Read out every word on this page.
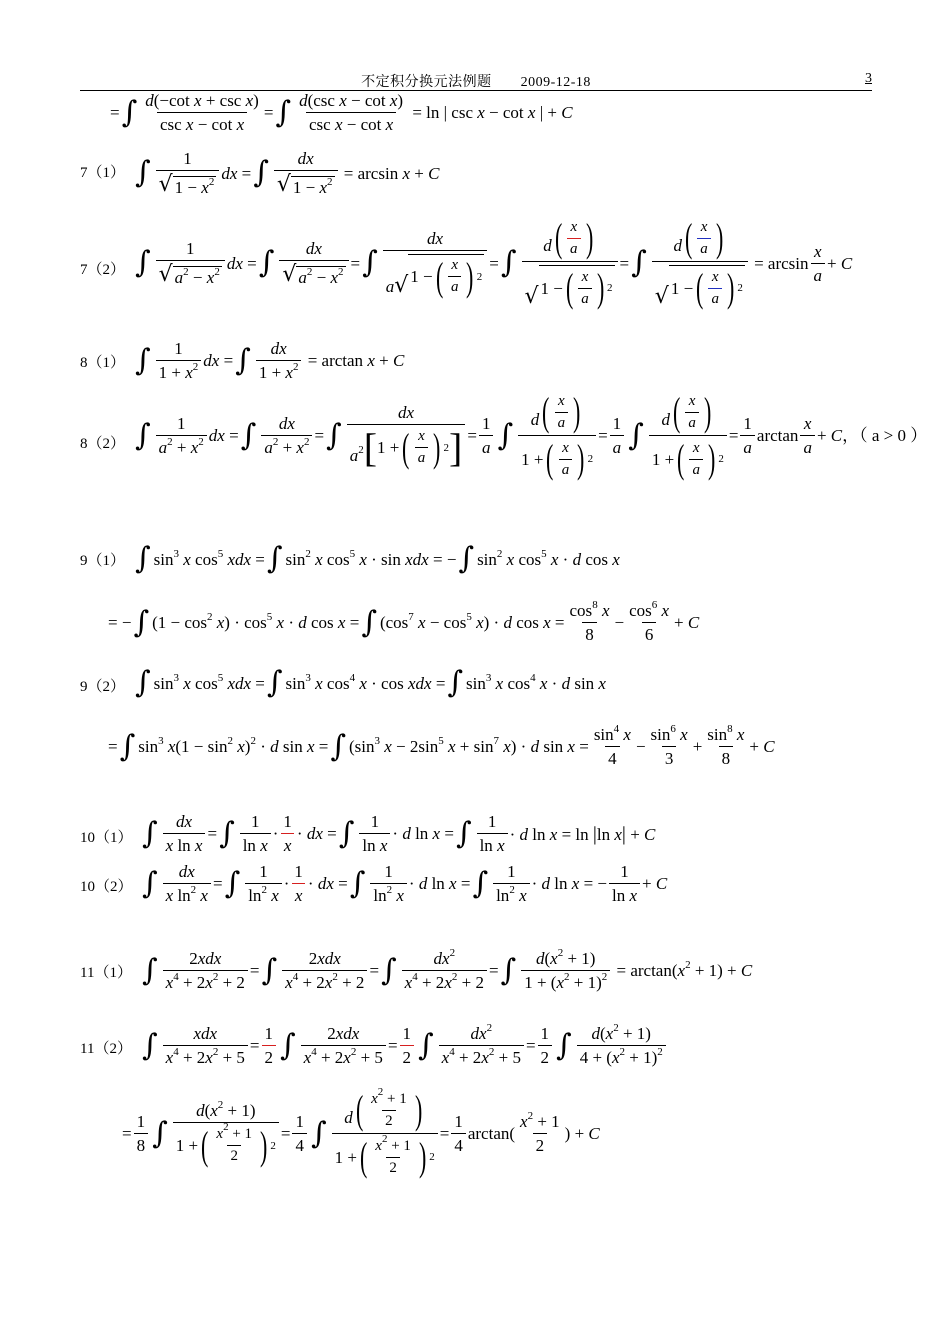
不定积分换元法例题　　2009-12-18	3
= ∫ $\frac{\text{d(−cot x + csc x)}}{\text{csc x − cot x}}$ = ∫ $\frac{\text{d(csc x − cot x)}}{\text{csc x − cot x}} = \ln$ | csc x − cot x | + C
7（1） ∫ $\frac{1}{√ 1 - x^2}$ dx = ∫ $\frac{dx}{√ 1 - x^2} = \arcsin x + C$
7（2） ∫ $\frac{1}{√ a^2 - x^2}$ dx = ∫ $\frac{dx}{√ a^2 - x^2}$ = ∫ $\frac{dx}{a √ 1 - ( \frac{x}{a} ) 2}$ = ∫ $\frac{d ( \frac{x}{a} )}{√ 1 - ( \frac{x}{a} ) 2}$ = ∫ $\frac{d ( \frac{x}{a} )}{√ 1 - ( \frac{x}{a} ) 2} = \arcsin \frac{x}{a} + C$
8（1） ∫ $\frac{1}{1 + x^2}$ dx = ∫ $\frac{dx}{1 + x^2} = \arctan x + C$
8（2） ∫ $\frac{1}{a^2 + x^2}$ dx = ∫ $\frac{dx}{a^2 + x^2}$ = ∫ $\frac{dx}{a^2 [ 1 + ( \frac{x}{a} ) 2 ]} = \frac{1}{a}$ ∫ $\frac{d ( \frac{x}{a} )}{1 + ( \frac{x}{a} ) 2} = \frac{1}{a}$ ∫ $\frac{d ( \frac{x}{a} )}{1 + ( \frac{x}{a} ) 2} = \frac{1}{a}$ $\arctan \frac{x}{a} + C$ ，（ a > 0 ）
9（1） ∫ $\sin^3 x$ $\cos^5$ xdx = ∫ $\sin^2 x$ $\cos^5 x \cdot \sin$ xdx = − ∫ $\sin^2 x$ $\cos^5 x \cdot d$ cos x
= − ∫ $(1 - \cos^2 x) \cdot \cos^5 x \cdot d$ cos x = ∫ ($\cos^7$ $x - \cos^5 x) \cdot d$ $\cos x = \frac{\cos^8 x}{8} - \frac{\cos^6 x}{6} + C$
9（2） ∫ $\sin^3 x$ $\cos^5$ xdx = ∫ $\sin^3 x$ $\cos^4 x \cdot \cos$ xdx = ∫ $\sin^3 x$ $\cos^4 x \cdot d$ sin x
= ∫ $\sin^3 x(1 - \sin^2 x)^2 \cdot d$ sin x = ∫ ($\sin^3$ $x - 2\sin^5$ $x + \sin^7 x) \cdot d$ $\sin x = \frac{\sin^4 x}{4} - \frac{\sin^6 x}{3} + \frac{\sin^8 x}{8} + C$
10（1） ∫ $\frac{dx}{\text{x ln x}}$ = ∫ $\frac{1}{\text{ln x}} \cdot \frac{1}{x}$ · dx = ∫ $\frac{1}{\text{ln x}} \cdot d$ ln x = ∫ $\frac{1}{\text{ln x}} \cdot d$ ln x = ln |ln x| + C
10（2） ∫ $\frac{dx}{x \ln^2 x}$ = ∫ $\frac{1}{\ln^2 x} \cdot \frac{1}{x}$ · dx = ∫ $\frac{1}{\ln^2 x} \cdot d$ ln x = ∫ $\frac{1}{\ln^2 x} \cdot d$ ln x = − $\frac{1}{\text{ln x}} + C$
11（1） ∫ $\frac{\text{2xdx}}{x^4 + 2x^2 + 2}$ = ∫ $\frac{\text{2xdx}}{x^4 + 2x^2 + 2}$ = ∫ $\frac{dx^2}{x^4 + 2x^2 + 2}$ = ∫ $\frac{d(x^2 + 1)}{1 + (x^2 + 1)^2} = \arctan(x^2 + 1) + C$
11（2） ∫ $\frac{\text{xdx}}{x^4 + 2x^2 + 5} = \frac{1}{2}$ ∫ $\frac{\text{2xdx}}{x^4 + 2x^2 + 5} = \frac{1}{2}$ ∫ $\frac{dx^2}{x^4 + 2x^2 + 5} = \frac{1}{2}$ ∫ $\frac{d(x^2 + 1)}{4 + (x^2 + 1)^2}$
= $\frac{1}{8}$ ∫ $\frac{d(x^2 + 1)}{1 + ( \frac{x^2 + 1}{2} ) 2} = \frac{1}{4}$ ∫ $\frac{d ( \frac{x^2 + 1}{2} )}{1 + ( \frac{x^2 + 1}{2} ) 2} = \frac{1}{4} \arctan( \frac{x^2 + 1}{2}$ ) + C
